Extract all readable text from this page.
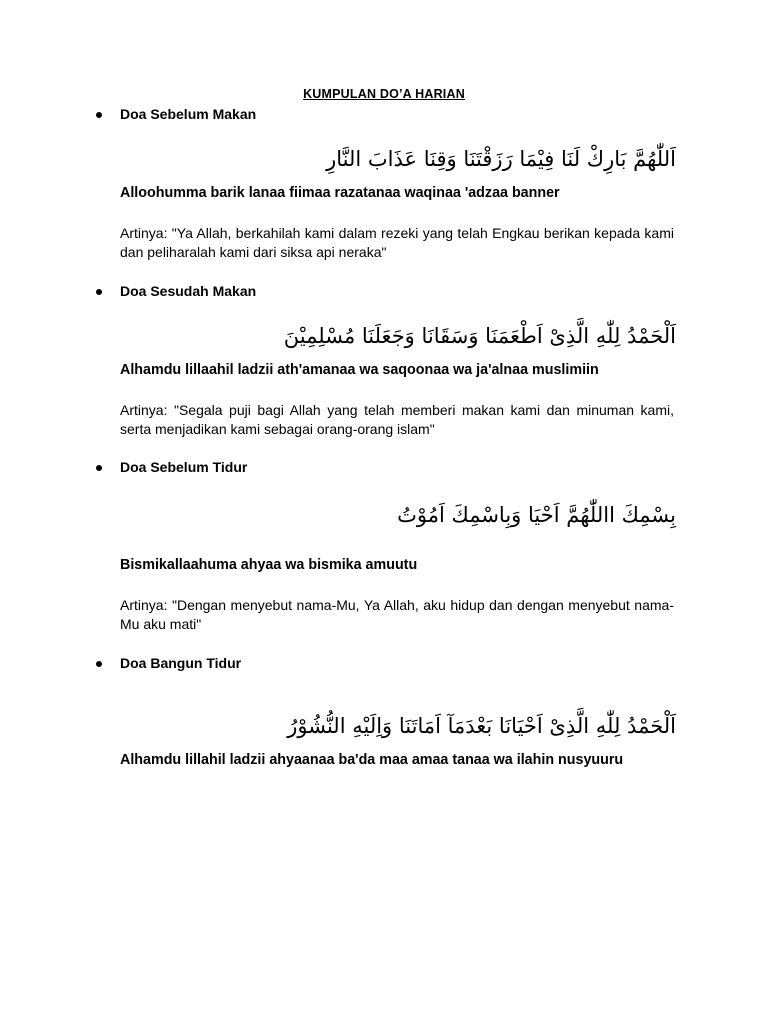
KUMPULAN DO’A HARIAN
Doa Sebelum Makan
اَللّٰهُمَّ بَارِكْ لَنَا فِيْمَا رَزَقْتَنَا وَقِنَا عَذَابَ النَّارِ
Alloohumma barik lanaa fiimaa razatanaa waqinaa 'adzaa banner
Artinya: "Ya Allah, berkahilah kami dalam rezeki yang telah Engkau berikan kepada kami dan peliharalah kami dari siksa api neraka"
Doa Sesudah Makan
اَلْحَمْدُ لِلّٰهِ الَّذِىْ اَطْعَمَنَا وَسَقَانَا وَجَعَلَنَا مُسْلِمِيْنَ
Alhamdu lillaahil ladzii ath'amanaa wa saqoonaa wa ja'alnaa muslimiin
Artinya: "Segala puji bagi Allah yang telah memberi makan kami dan minuman kami, serta menjadikan kami sebagai orang-orang islam"
Doa Sebelum Tidur
بِسْمِكَ االلّٰهُمَّ اَحْيَا وَبِاسْمِكَ اَمُوْتُ
Bismikallaahuma ahyaa wa bismika amuutu
Artinya: "Dengan menyebut nama-Mu, Ya Allah, aku hidup dan dengan menyebut nama-Mu aku mati"
Doa Bangun Tidur
اَلْحَمْدُ لِلّٰهِ الَّذِىْ اَحْيَانَا بَعْدَمَآ اَمَاتَنَا وَاِلَيْهِ النُّشُوْرُ
Alhamdu lillahil ladzii ahyaanaa ba'da maa amaa tanaa wa ilahin nusyuuru
